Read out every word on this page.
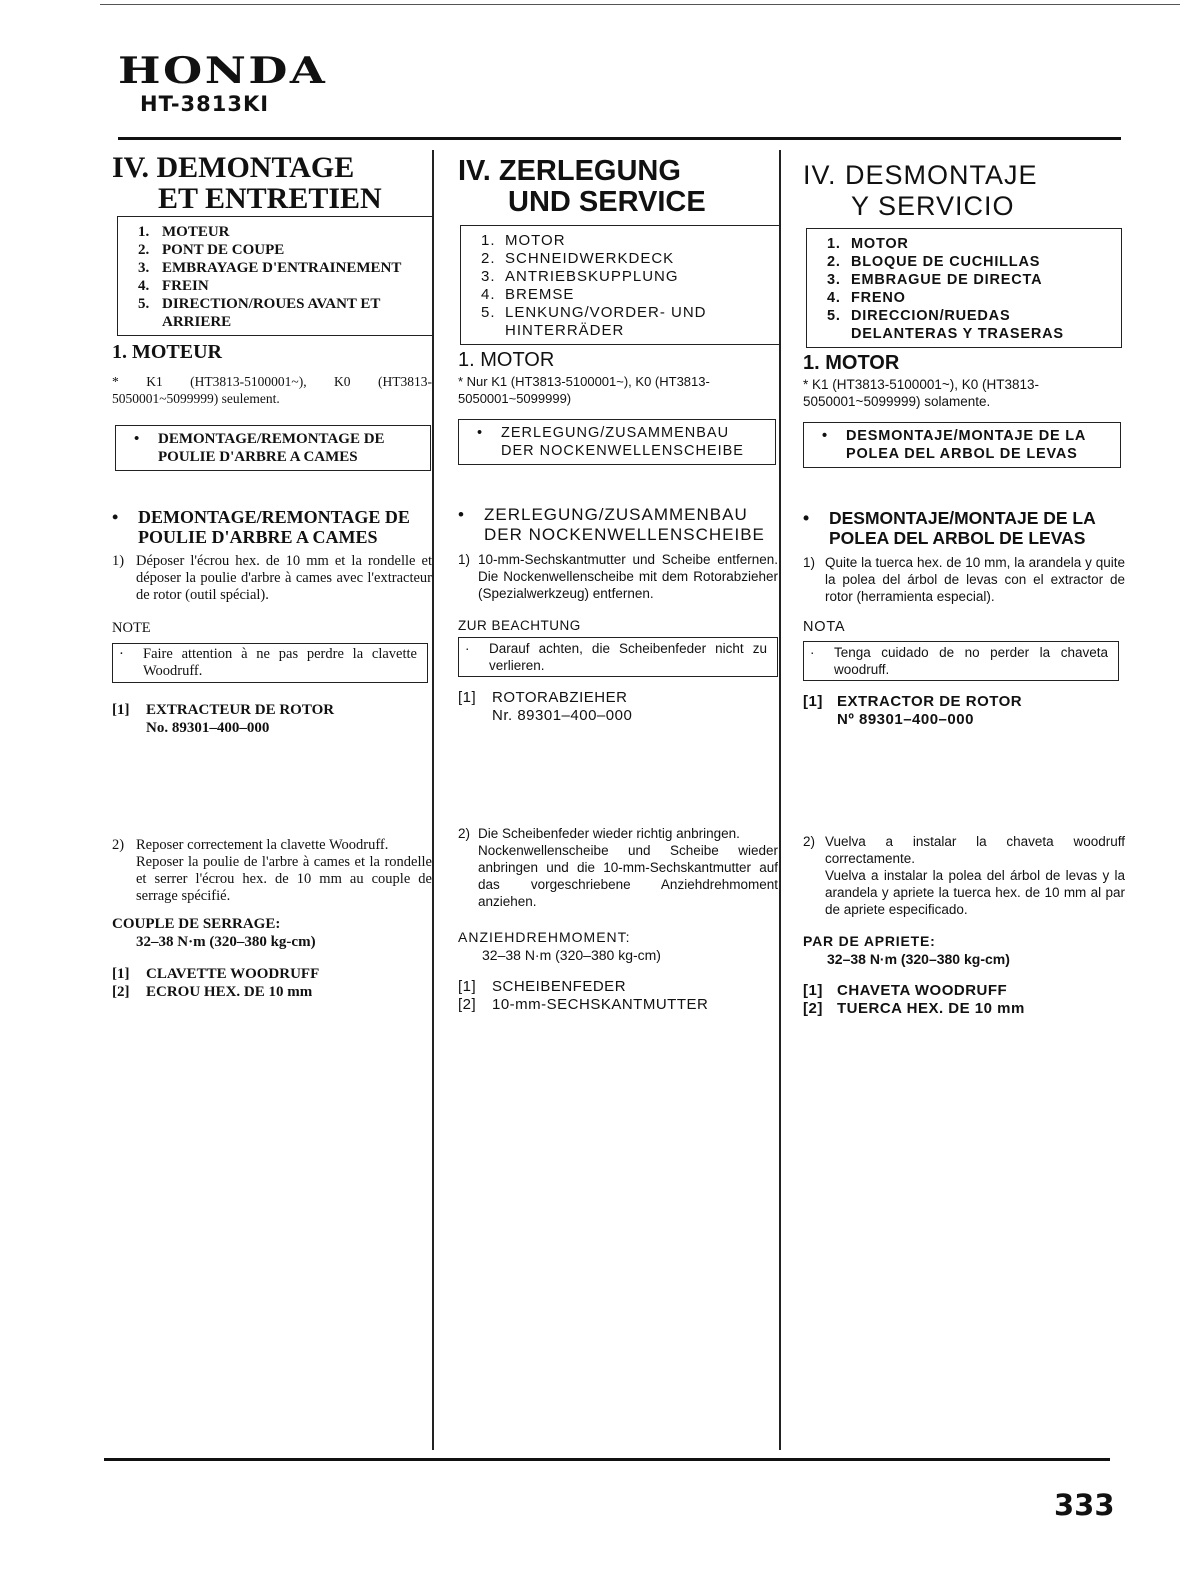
HONDA
HT-3813KI
IV. DEMONTAGE
ET ENTRETIEN
1. MOTEUR
2. PONT DE COUPE
3. EMBRAYAGE D'ENTRAINEMENT
4. FREIN
5. DIRECTION/ROUES AVANT ET ARRIERE

1. MOTEUR

* K1 (HT3813-5100001~), K0 (HT3813-5050001~5099999) seulement.

•	DEMONTAGE/REMONTAGE DE POULIE D'ARBRE A CAMES

•	DEMONTAGE/REMONTAGE DE POULIE D'ARBRE A CAMES

1) Déposer l'écrou hex. de 10 mm et la rondelle et déposer la poulie d'arbre à cames avec l'extracteur de rotor (outil spécial).

NOTE

·	Faire attention à ne pas perdre la clavette Woodruff.
[1]	EXTRACTEUR DE ROTOR
No. 89301–400–000
2) Reposer correctement la clavette Woodruff.
Reposer la poulie de l'arbre à cames et la rondelle et serrer l'écrou hex. de 10 mm au couple de serrage spécifié.

COUPLE DE SERRAGE:

32–38 N·m (320–380 kg-cm)

[1]	CLAVETTE WOODRUFF
[2]	ECROU HEX. DE 10 mm
IV. ZERLEGUNG
UND SERVICE
1. MOTOR
2. SCHNEIDWERKDECK
3. ANTRIEBSKUPPLUNG
4. BREMSE
5. LENKUNG/VORDER- UND HINTERRÄDER

1. MOTOR

* Nur K1 (HT3813-5100001~), K0 (HT3813-5050001~5099999)

•	ZERLEGUNG/ZUSAMMENBAU DER NOCKENWELLENSCHEIBE

•	ZERLEGUNG/ZUSAMMENBAU DER NOCKENWELLENSCHEIBE

1) 10-mm-Sechskantmutter und Scheibe entfernen. Die Nockenwellenscheibe mit dem Rotorabzieher (Spezialwerkzeug) entfernen.

ZUR BEACHTUNG

·	Darauf achten, die Scheibenfeder nicht zu verlieren.
[1]	ROTORABZIEHER
Nr. 89301–400–000
2) Die Scheibenfeder wieder richtig anbringen.
Nockenwellenscheibe und Scheibe wieder anbringen und die 10-mm-Sechskantmutter auf das vorgeschriebene Anziehdrehmoment anziehen.

ANZIEHDREHMOMENT:

32–38 N·m (320–380 kg-cm)

[1]	SCHEIBENFEDER
[2]	10-mm-SECHSKANTMUTTER
IV. DESMONTAJE
Y SERVICIO
1. MOTOR
2. BLOQUE DE CUCHILLAS
3. EMBRAGUE DE DIRECTA
4. FRENO
5. DIRECCION/RUEDAS DELANTERAS Y TRASERAS

1. MOTOR

* K1 (HT3813-5100001~), K0 (HT3813-5050001~5099999) solamente.

•	DESMONTAJE/MONTAJE DE LA POLEA DEL ARBOL DE LEVAS

•	DESMONTAJE/MONTAJE DE LA POLEA DEL ARBOL DE LEVAS

1) Quite la tuerca hex. de 10 mm, la arandela y quite la polea del árbol de levas con el extractor de rotor (herramienta especial).

NOTA

·	Tenga cuidado de no perder la chaveta woodruff.
[1] EXTRACTOR DE ROTOR
Nº 89301–400–000
2) Vuelva a instalar la chaveta woodruff correctamente.
Vuelva a instalar la polea del árbol de levas y la arandela y apriete la tuerca hex. de 10 mm al par de apriete especificado.

PAR DE APRIETE:

32–38 N·m (320–380 kg-cm)

[1] CHAVETA WOODRUFF
[2] TUERCA HEX. DE 10 mm
333
